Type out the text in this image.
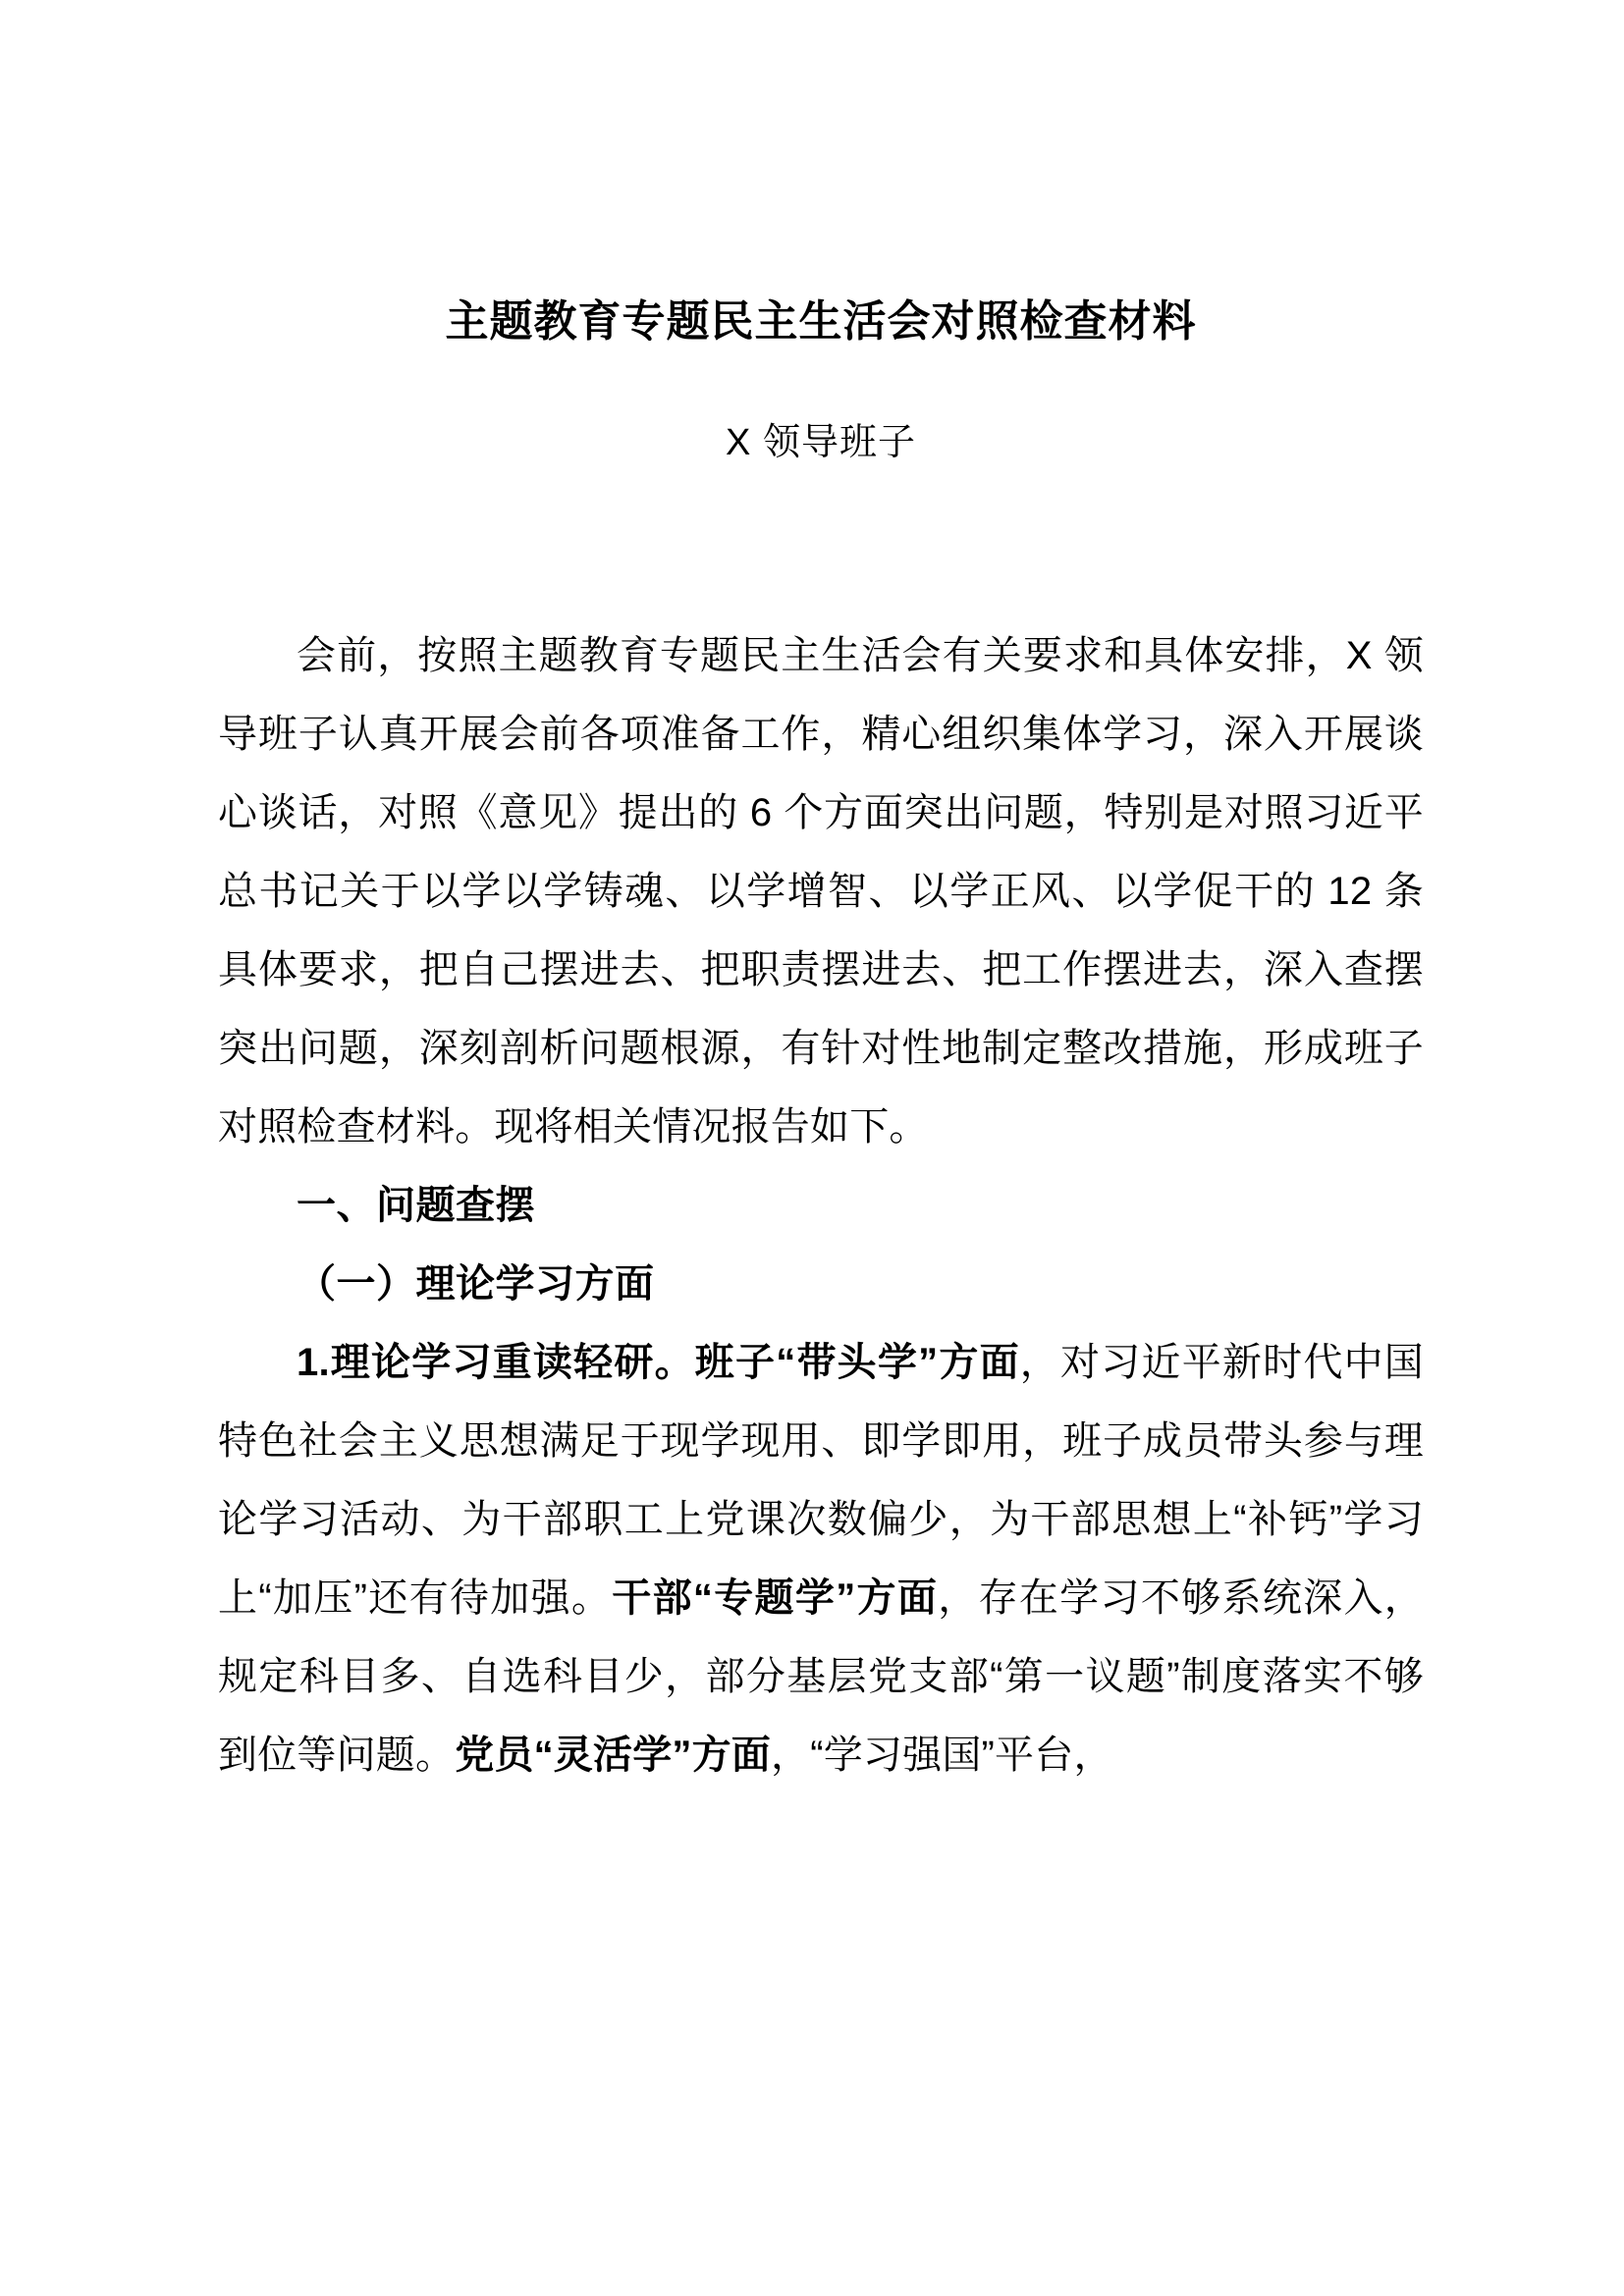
主题教育专题民主生活会对照检查材料

X 领导班子

会前，按照主题教育专题民主生活会有关要求和具体安排，X 领导班子认真开展会前各项准备工作，精心组织集体学习，深入开展谈心谈话，对照《意见》提出的 6 个方面突出问题，特别是对照习近平总书记关于以学以学铸魂、以学增智、以学正风、以学促干的 12 条具体要求，把自己摆进去、把职责摆进去、把工作摆进去，深入查摆突出问题，深刻剖析问题根源，有针对性地制定整改措施，形成班子对照检查材料。现将相关情况报告如下。

一、问题查摆

（一）理论学习方面

1.理论学习重读轻研。班子“带头学”方面，对习近平新时代中国特色社会主义思想满足于现学现用、即学即用，班子成员带头参与理论学习活动、为干部职工上党课次数偏少，为干部思想上“补钙”学习上“加压”还有待加强。干部“专题学”方面，存在学习不够系统深入，规定科目多、自选科目少，部分基层党支部“第一议题”制度落实不够到位等问题。党员“灵活学”方面，“学习强国”平台，
